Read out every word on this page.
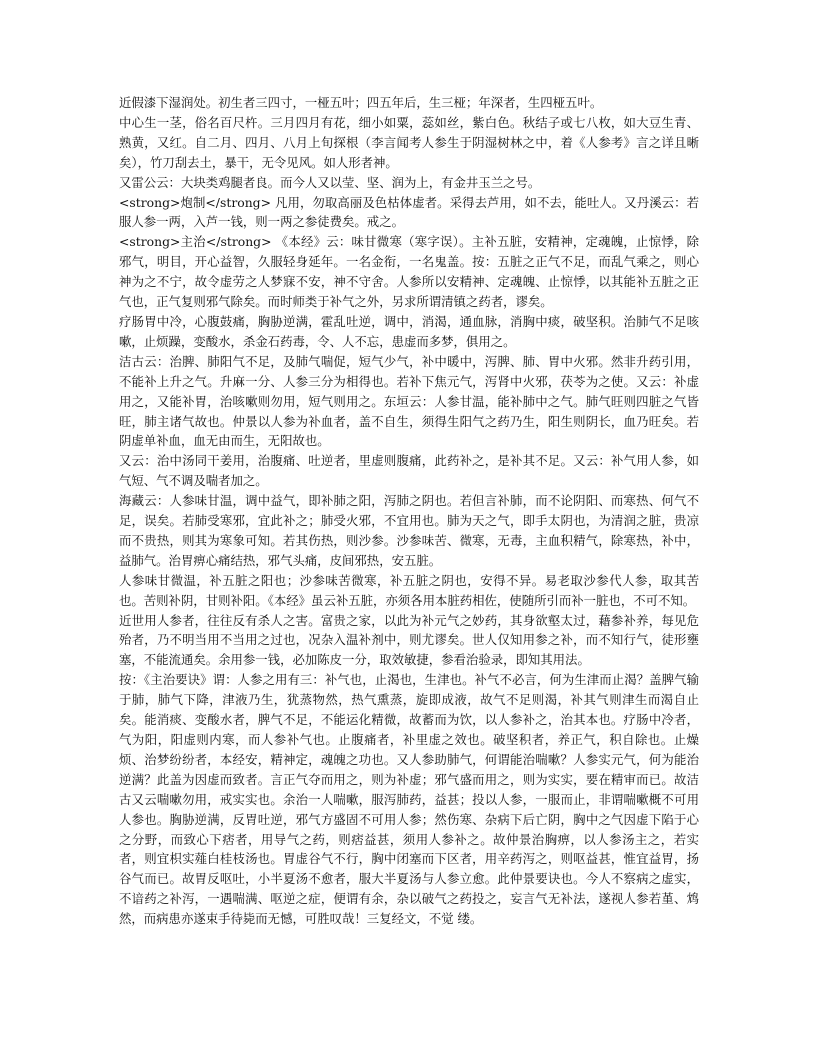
近假漆下湿润处。初生者三四寸，一桠五叶；四五年后，生三桠；年深者，生四桠五叶。

中心生一茎，俗名百尺杵。三月四月有花，细小如粟，蕊如丝，紫白色。秋结子或七八枚，如大豆生青、熟黄，又红。自二月、四月、八月上旬探根（李言闻考人参生于阴湿树林之中，着《人参考》言之详且晰矣），竹刀刮去土，暴干，无令见风。如人形者神。

又雷公云：大块类鸡腿者良。而今人又以莹、坚、润为上，有金井玉兰之号。

<strong>炮制</strong> 凡用，勿取高丽及色枯体虚者。采得去芦用，如不去，能吐人。又丹溪云：若服人参一两，入芦一钱，则一两之参徒费矣。戒之。

<strong>主治</strong> 《本经》云：味甘微寒（寒字误）。主补五脏，安精神，定魂魄，止惊悸，除邪气，明目，开心益智，久服轻身延年。一名金衔，一名鬼盖。按：五脏之正气不足，而乱气乘之，则心神为之不宁，故令虚劳之人梦寐不安，神不守舍。人参所以安精神、定魂魄、止惊悸，以其能补五脏之正气也，正气复则邪气除矣。而时师类于补气之外，另求所谓清镇之药者，谬矣。

疗肠胃中冷，心腹鼓痛，胸胁逆满，霍乱吐逆，调中，消渴，通血脉，消胸中痰，破坚积。治肺气不足咳嗽，止烦躁，变酸水，杀金石药毒，令、人不忘，患虚而多梦，俱用之。

洁古云：治脾、肺阳气不足，及肺气喘促，短气少气，补中暖中，泻脾、肺、胃中火邪。然非升药引用，不能补上升之气。升麻一分、人参三分为相得也。若补下焦元气，泻肾中火邪，茯苓为之使。又云：补虚用之，又能补胃，治咳嗽则勿用，短气则用之。东垣云：人参甘温，能补肺中之气。肺气旺则四脏之气皆旺，肺主诸气故也。仲景以人参为补血者，盖不自生，须得生阳气之药乃生，阳生则阴长，血乃旺矣。若阴虚单补血，血无由而生，无阳故也。

又云：治中汤同干姜用，治腹痛、吐逆者，里虚则腹痛，此药补之，是补其不足。又云：补气用人参，如气短、气不调及喘者加之。

海藏云：人参味甘温，调中益气，即补肺之阳，泻肺之阴也。若但言补肺，而不论阴阳、而寒热、何气不足，误矣。若肺受寒邪，宜此补之；肺受火邪，不宜用也。肺为天之气，即手太阴也，为清润之脏，贵凉而不贵热，则其为寒象可知。若其伤热，则沙参。沙参味苦、微寒，无毒，主血积精气，除寒热，补中，益肺气。治胃痹心痛结热，邪气头痛，皮间邪热，安五脏。

人参味甘微温，补五脏之阳也；沙参味苦微寒，补五脏之阴也，安得不异。易老取沙参代人参，取其苦也。苦则补阴，甘则补阳。《本经》虽云补五脏，亦须各用本脏药相佐，使随所引而补一脏也，不可不知。

近世用人参者，往往反有杀人之害。富贵之家，以此为补元气之妙药，其身欲壑太过，藉参补养，每见危殆者，乃不明当用不当用之过也，况杂入温补剂中，则尤谬矣。世人仅知用参之补，而不知行气，徒形壅塞，不能流通矣。余用参一钱，必加陈皮一分，取效敏捷，参看治验录，即知其用法。

按：《主治要诀》谓：人参之用有三：补气也，止渴也，生津也。补气不必言，何为生津而止渴？盖脾气输于肺，肺气下降，津液乃生，犹蒸物然，热气熏蒸，旋即成液，故气不足则渴，补其气则津生而渴自止矣。能消痰、变酸水者，脾气不足，不能运化精微，故蓄而为饮，以人参补之，治其本也。疗肠中冷者，气为阳，阳虚则内寒，而人参补气也。止腹痛者，补里虚之效也。破坚积者，养正气，积自除也。止燥烦、治梦纷纷者，本经安，精神定，魂魄之功也。又人参助肺气，何谓能治喘嗽？人参实元气，何为能治逆满？此盖为因虚而致者。言正气夺而用之，则为补虚；邪气盛而用之，则为实实，要在精审而已。故洁古又云喘嗽勿用，戒实实也。余治一人喘嗽，服泻肺药，益甚；投以人参，一服而止，非谓喘嗽概不可用人参也。胸胁逆满，反胃吐逆，邪气方盛固不可用人参；然伤寒、杂病下后亡阴，胸中之气因虚下陷于心之分野，而致心下痞者，用导气之药，则痞益甚，须用人参补之。故仲景治胸痹，以人参汤主之，若实者，则宜枳实薤白桂枝汤也。胃虚谷气不行，胸中闭塞而下区者，用辛药泻之，则呕益甚，惟宜益胃，扬谷气而已。故胃反呕吐，小半夏汤不愈者，服大半夏汤与人参立愈。此仲景要诀也。今人不察病之虚实，不谙药之补泻，一遇喘满、呕逆之症，便谓有余，杂以破气之药投之，妄言气无补法，遂视人参若堇、鸩然，而病患亦遂束手待毙而无憾，可胜叹哉！三复经文，不觉 缕。
